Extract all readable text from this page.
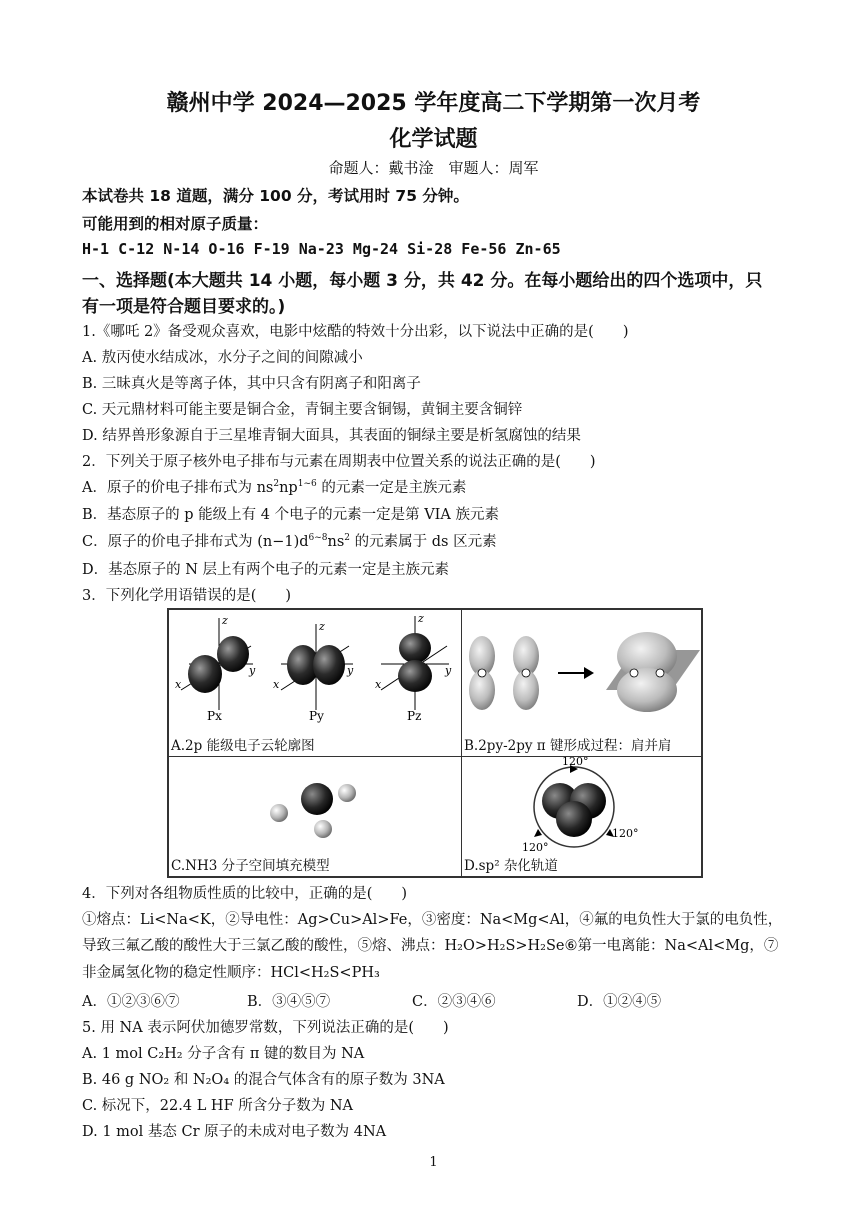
赣州中学 2024—2025 学年度高二下学期第一次月考
化学试题
命题人：戴书淦　审题人：周军
本试卷共 18 道题，满分 100 分，考试用时 75 分钟。
可能用到的相对原子质量：
H-1 C-12 N-14 O-16 F-19 Na-23 Mg-24 Si-28 Fe-56 Zn-65
一、选择题(本大题共 14 小题，每小题 3 分，共 42 分。在每小题给出的四个选项中，只
有一项是符合题目要求的。)
1.《哪吒 2》备受观众喜欢，电影中炫酷的特效十分出彩，以下说法中正确的是(　　)
A. 敖丙使水结成冰，水分子之间的间隙减小
B. 三昧真火是等离子体，其中只含有阴离子和阳离子
C. 天元鼎材料可能主要是铜合金，青铜主要含铜锡，黄铜主要含铜锌
D. 结界兽形象源自于三星堆青铜大面具，其表面的铜绿主要是析氢腐蚀的结果
2．下列关于原子核外电子排布与元素在周期表中位置关系的说法正确的是(　　)
A．原子的价电子排布式为 $ns^2np^{1\sim 6}$ 的元素一定是主族元素
B．基态原子的 p 能级上有 4 个电子的元素一定是第 VIA 族元素
C．原子的价电子排布式为 $(n-1)d^{6\sim 8}ns^2$ 的元素属于 ds 区元素
D．基态原子的 N 层上有两个电子的元素一定是主族元素
3．下列化学用语错误的是(　　)
z
y
x
Px
z
y
x
Py
z
y
x
Pz
A.2p 能级电子云轮廓图	B.2py-2py π 键形成过程：肩并肩
C.NH3 分子空间填充模型
120°
120°
120°
D.sp² 杂化轨道
4．下列对各组物质性质的比较中，正确的是(　　)
①熔点：Li<Na<K，②导电性：Ag>Cu>Al>Fe，③密度：Na<Mg<Al，④氟的电负性大于氯的电负性，
导致三氟乙酸的酸性大于三氯乙酸的酸性，⑤熔、沸点：H₂O>H₂S>H₂Se⑥第一电离能：Na<Al<Mg，⑦
非金属氢化物的稳定性顺序：HCl<H₂S<PH₃
A．①②③⑥⑦	B．③④⑤⑦	C．②③④⑥	D．①②④⑤
5. 用 NA 表示阿伏加德罗常数，下列说法正确的是(　　)
A. 1 mol C₂H₂ 分子含有 π 键的数目为 NA
B. 46 g NO₂ 和 N₂O₄ 的混合气体含有的原子数为 3NA
C. 标况下，22.4 L HF 所含分子数为 NA
D. 1 mol 基态 Cr 原子的未成对电子数为 4NA
1
